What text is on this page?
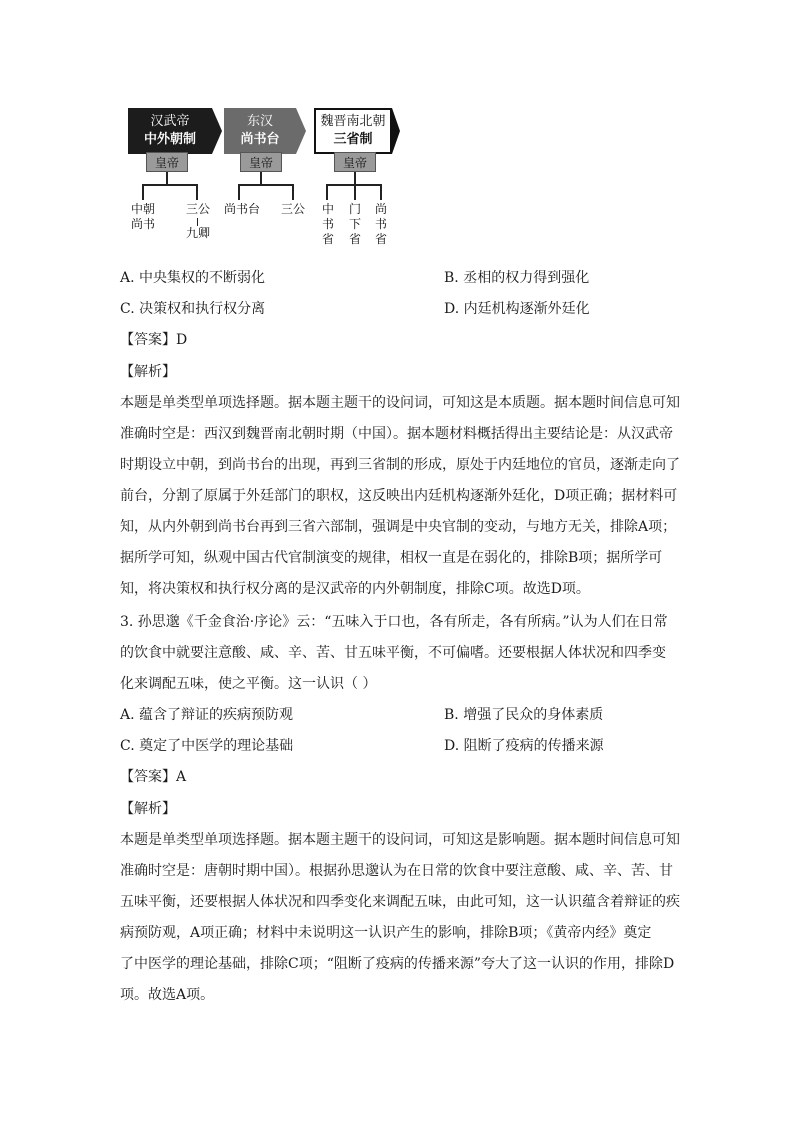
汉武帝
中外朝制
东汉
尚书台
魏晋南北朝
三省制
皇帝
中朝尚书
三公
九卿
皇帝
尚书台 三公
皇帝
中书省
门下省
尚书省
A. 中央集权的不断弱化	B. 丞相的权力得到强化
C. 决策权和执行权分离	D. 内廷机构逐渐外廷化
【答案】D
【解析】
本题是单类型单项选择题。据本题主题干的设问词，可知这是本质题。据本题时间信息可知
准确时空是：西汉到魏晋南北朝时期（中国）。据本题材料概括得出主要结论是：从汉武帝
时期设立中朝，到尚书台的出现，再到三省制的形成，原处于内廷地位的官员，逐渐走向了
前台，分割了原属于外廷部门的职权，这反映出内廷机构逐渐外廷化，D项正确；据材料可
知，从内外朝到尚书台再到三省六部制，强调是中央官制的变动，与地方无关，排除A项；
据所学可知，纵观中国古代官制演变的规律，相权一直是在弱化的，排除B项；据所学可
知，将决策权和执行权分离的是汉武帝的内外朝制度，排除C项。故选D项。
3. 孙思邈《千金食治·序论》云：“五味入于口也，各有所走，各有所病。”认为人们在日常
的饮食中就要注意酸、咸、辛、苦、甘五味平衡，不可偏嗜。还要根据人体状况和四季变
化来调配五味，使之平衡。这一认识（ ）
A. 蕴含了辩证的疾病预防观	B. 增强了民众的身体素质
C. 奠定了中医学的理论基础	D. 阻断了疫病的传播来源
【答案】A
【解析】
本题是单类型单项选择题。据本题主题干的设问词，可知这是影响题。据本题时间信息可知
准确时空是：唐朝时期中国）。根据孙思邈认为在日常的饮食中要注意酸、咸、辛、苦、甘
五味平衡，还要根据人体状况和四季变化来调配五味，由此可知，这一认识蕴含着辩证的疾
病预防观，A项正确；材料中未说明这一认识产生的影响，排除B项；《黄帝内经》奠定
了中医学的理论基础，排除C项；“阻断了疫病的传播来源”夸大了这一认识的作用，排除D
项。故选A项。
